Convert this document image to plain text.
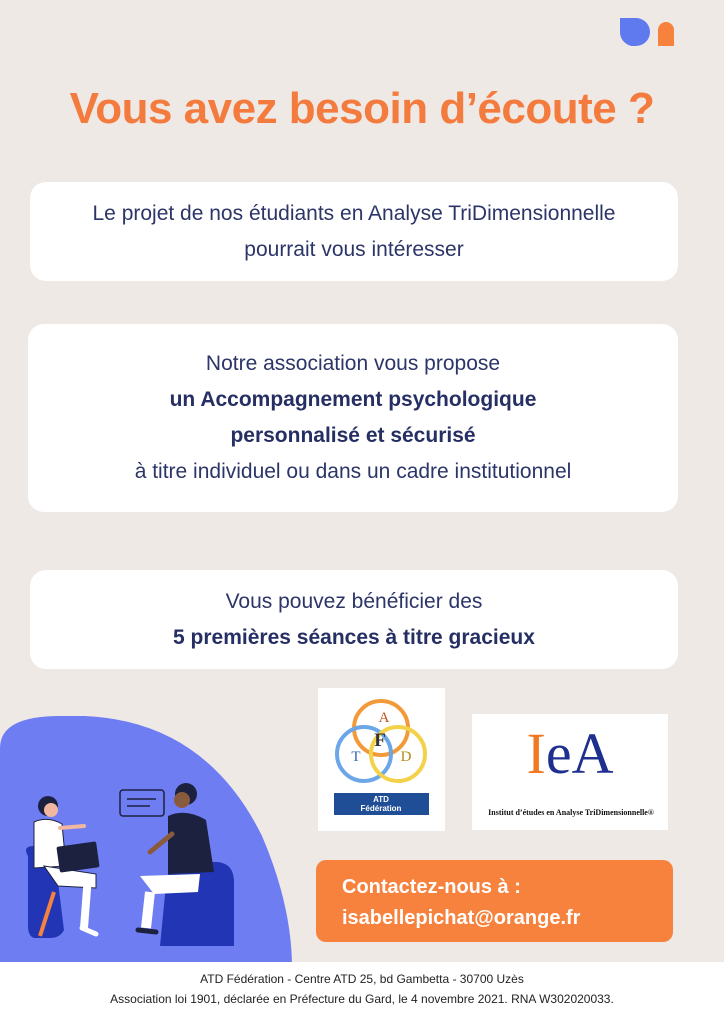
Vous avez besoin d’écoute ?
Le projet de nos étudiants en Analyse TriDimensionnelle
pourrait vous intéresser
Notre association vous propose
un Accompagnement psychologique
personnalisé et sécurisé
à titre individuel ou dans un cadre institutionnel
Vous pouvez bénéficier des
5 premières séances à titre gracieux
A
F
T	D
ATD
Fédération
IeA
Institut d’études en Analyse TriDimensionnelle®
Contactez-nous à :
isabellepichat@orange.fr
ATD Fédération - Centre ATD 25, bd Gambetta - 30700 Uzès
Association loi 1901, déclarée en Préfecture du Gard, le 4 novembre 2021. RNA W302020033.
